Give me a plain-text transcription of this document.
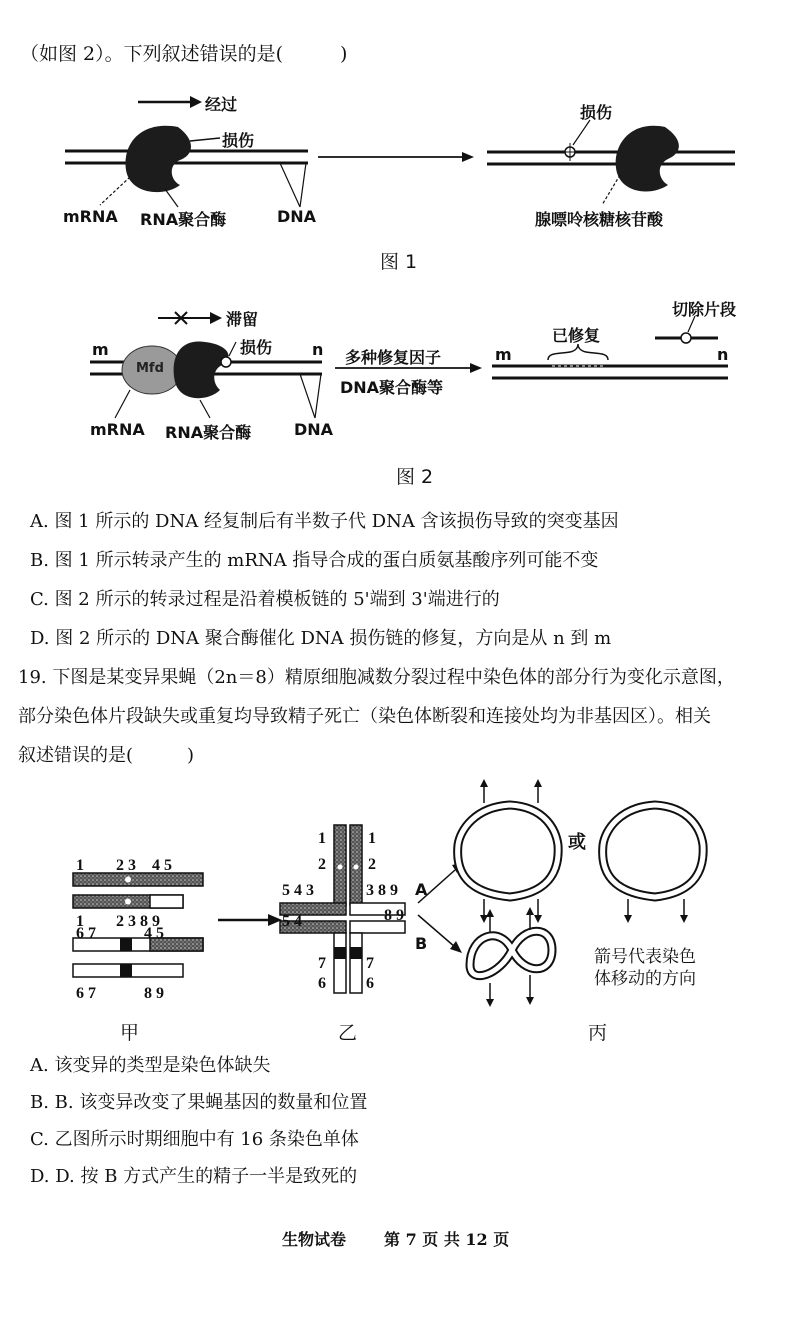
（如图 2）。下列叙述错误的是(　　　)
经过
损伤
mRNA RNA聚合酶	DNA
损伤
腺嘌呤核糖核苷酸
图 1
滞留
损伤
Mfd
m	n 多种修复因子
DNA聚合酶等
m	n
已修复
切除片段
mRNA RNA聚合酶	DNA
图 2
A. 图 1 所示的 DNA 经复制后有半数子代 DNA 含该损伤导致的突变基因
B. 图 1 所示转录产生的 mRNA 指导合成的蛋白质氨基酸序列可能不变
C. 图 2 所示的转录过程是沿着模板链的 5'端到 3'端进行的
D. 图 2 所示的 DNA 聚合酶催化 DNA 损伤链的修复，方向是从 n 到 m
19. 下图是某变异果蝇（2n＝8）精原细胞减数分裂过程中染色体的部分行为变化示意图，
部分染色体片段缺失或重复均导致精子死亡（染色体断裂和连接处均为非基因区）。相关
叙述错误的是(　　　)
1　　2 3　4 5
1　　2 3 8 9
6 7　　　4 5
6 7　　　8 9
甲
1	1
2	2
5 4 3	3 8 9
5 4	8 9
7	7
6	6
乙
A
B
或
箭号代表染色
体移动的方向
丙
A. 该变异的类型是染色体缺失
B. B. 该变异改变了果蝇基因的数量和位置
C. 乙图所示时期细胞中有 16 条染色单体
D. D. 按 B 方式产生的精子一半是致死的
生物试卷 第 7 页 共 12 页
